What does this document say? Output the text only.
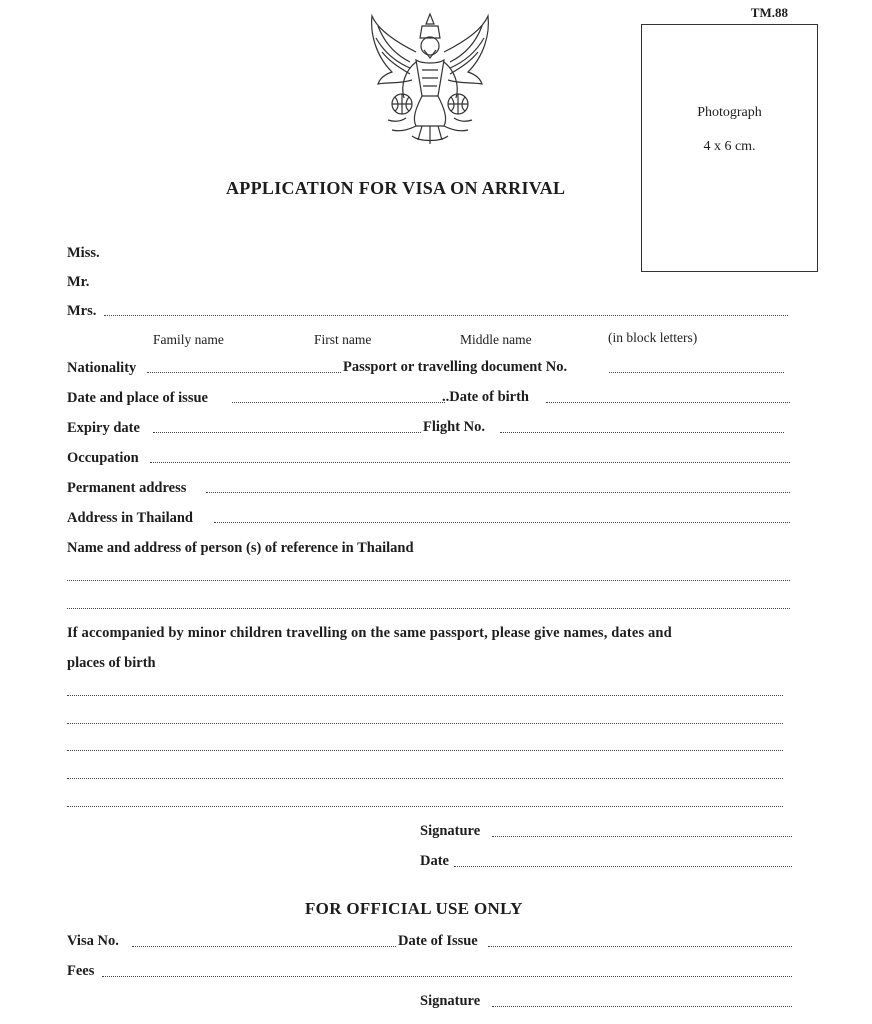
TM.88
Photograph
4 x 6 cm.
APPLICATION FOR VISA ON ARRIVAL
Miss.
Mr.
Mrs.
Family name	First name	Middle name	(in block letters)
Nationality	Passport or travelling document No.
Date and place of issue	..Date of birth
Expiry date	Flight No.
Occupation
Permanent address
Address in Thailand
Name and address of person (s) of reference in Thailand
If accompanied by minor children travelling on the same passport, please give names, dates and
places of birth
Signature
Date
FOR OFFICIAL USE ONLY
Visa No.	Date of Issue
Fees
Signature
